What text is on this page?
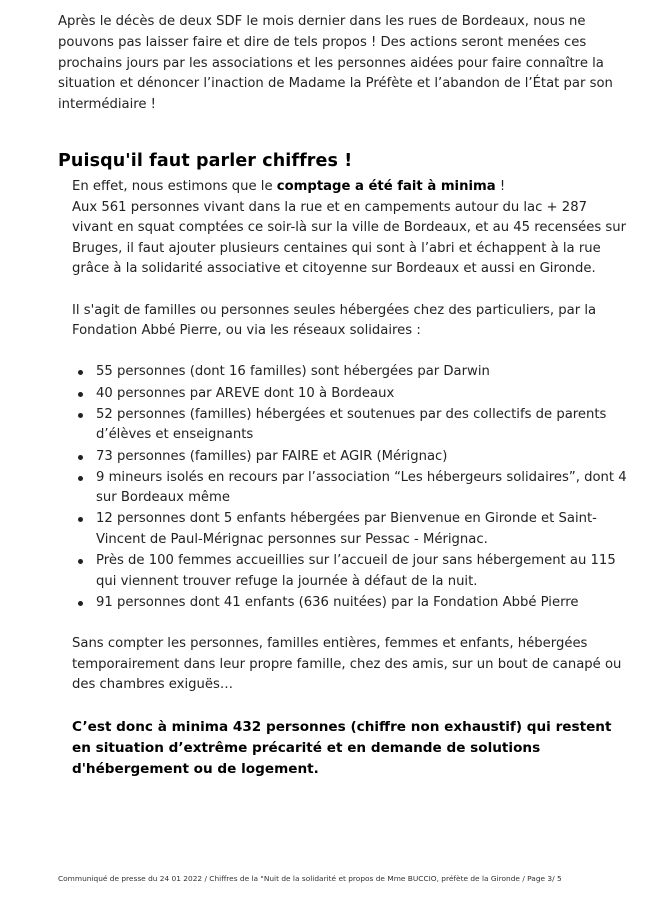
Après le décès de deux SDF le mois dernier dans les rues de Bordeaux, nous ne pouvons pas laisser faire et dire de tels propos ! Des actions seront menées ces prochains jours par les associations et les personnes aidées pour faire connaître la situation et dénoncer l’inaction de Madame la Préfète et l’abandon de l’État par son intermédiaire !

Puisqu'il faut parler chiffres !

En effet, nous estimons que le comptage a été fait à minima !

Aux 561 personnes vivant dans la rue et en campements autour du lac + 287 vivant en squat comptées ce soir-là sur la ville de Bordeaux, et au 45 recensées sur Bruges, il faut ajouter plusieurs centaines qui sont à l’abri et échappent à la rue grâce à la solidarité associative et citoyenne sur Bordeaux et aussi en Gironde.

Il s'agit de familles ou personnes seules hébergées chez des particuliers, par la Fondation Abbé Pierre, ou via les réseaux solidaires :

55 personnes (dont 16 familles) sont hébergées par Darwin
40 personnes par AREVE dont 10 à Bordeaux
52 personnes (familles) hébergées et soutenues par des collectifs de parents d’élèves et enseignants
73 personnes (familles) par FAIRE et AGIR (Mérignac)
9 mineurs isolés en recours par l’association “Les hébergeurs solidaires”, dont 4 sur Bordeaux même
12 personnes dont 5 enfants hébergées par Bienvenue en Gironde et Saint-Vincent de Paul-Mérignac personnes sur Pessac - Mérignac.
Près de 100 femmes accueillies sur l’accueil de jour sans hébergement au 115 qui viennent trouver refuge la journée à défaut de la nuit.
91 personnes dont 41 enfants (636 nuitées) par la Fondation Abbé Pierre

Sans compter les personnes, familles entières, femmes et enfants, hébergées temporairement dans leur propre famille, chez des amis, sur un bout de canapé ou des chambres exiguës…

C’est donc à minima 432 personnes (chiffre non exhaustif) qui restent en situation d’extrême précarité et en demande de solutions d'hébergement ou de logement.

Communiqué de presse du 24 01 2022 / Chiffres de la "Nuit de la solidarité et propos de Mme BUCCIO, préfète de la Gironde / Page 3/ 5
